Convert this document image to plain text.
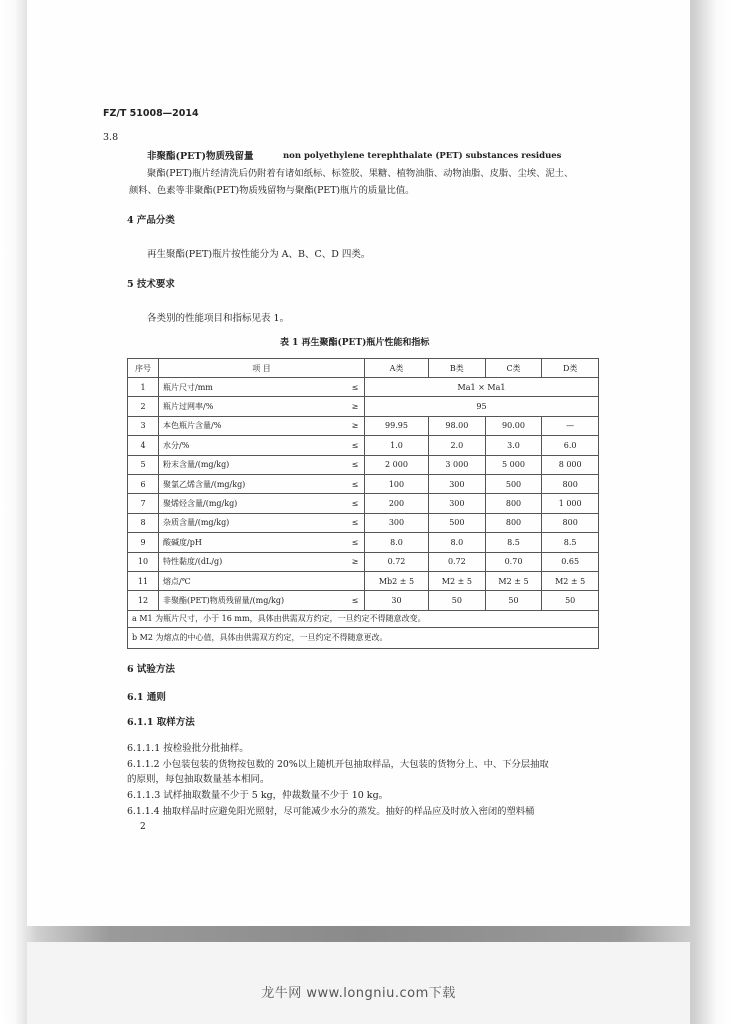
FZ/T 51008—2014
3.8
非聚酯(PET)物质残留量	non polyethylene terephthalate (PET) substances residues
聚酯(PET)瓶片经清洗后仍附着有诸如纸标、标签胶、果糖、植物油脂、动物油脂、皮脂、尘埃、泥土、
颜料、色素等非聚酯(PET)物质残留物与聚酯(PET)瓶片的质量比值。
4 产品分类
再生聚酯(PET)瓶片按性能分为 A、B、C、D 四类。
5 技术要求
各类别的性能项目和指标见表 1。
表 1 再生聚酯(PET)瓶片性能和指标
序号	项 目		A类	B类	C类	D类
1	瓶片尺寸/mm	≤	Ma1 × Ma1			
2	瓶片过网率/%	≥	95			
3	本色瓶片含量/%	≥	99.95	98.00	90.00	—
4	水分/%	≤	1.0	2.0	3.0	6.0
5	粉末含量/(mg/kg)	≤	2 000	3 000	5 000	8 000
6	聚氯乙烯含量/(mg/kg)	≤	100	300	500	800
7	聚烯烃含量/(mg/kg)	≤	200	300	800	1 000
8	杂质含量/(mg/kg)	≤	300	500	800	800
9	酸碱度/pH	≤	8.0	8.0	8.5	8.5
10	特性黏度/(dL/g)	≥	0.72	0.72	0.70	0.65
11	熔点/℃		Mb2 ± 5	M2 ± 5	M2 ± 5	M2 ± 5
12	非聚酯(PET)物质残留量/(mg/kg)	≤	30	50	50	50
a M1 为瓶片尺寸，小于 16 mm，具体由供需双方约定，一旦约定不得随意改变。						
b M2 为熔点的中心值，具体由供需双方约定，一旦约定不得随意更改。						
6 试验方法
6.1 通则
6.1.1 取样方法
6.1.1.1 按检验批分批抽样。
6.1.1.2 小包装包装的货物按包数的 20%以上随机开包抽取样品，大包装的货物分上、中、下分层抽取
的原则，每包抽取数量基本相同。
6.1.1.3 试样抽取数量不少于 5 kg，仲裁数量不少于 10 kg。
6.1.1.4 抽取样品时应避免阳光照射，尽可能减少水分的蒸发。抽好的样品应及时放入密闭的塑料桶
2
龙牛网 www.longniu.com下载
